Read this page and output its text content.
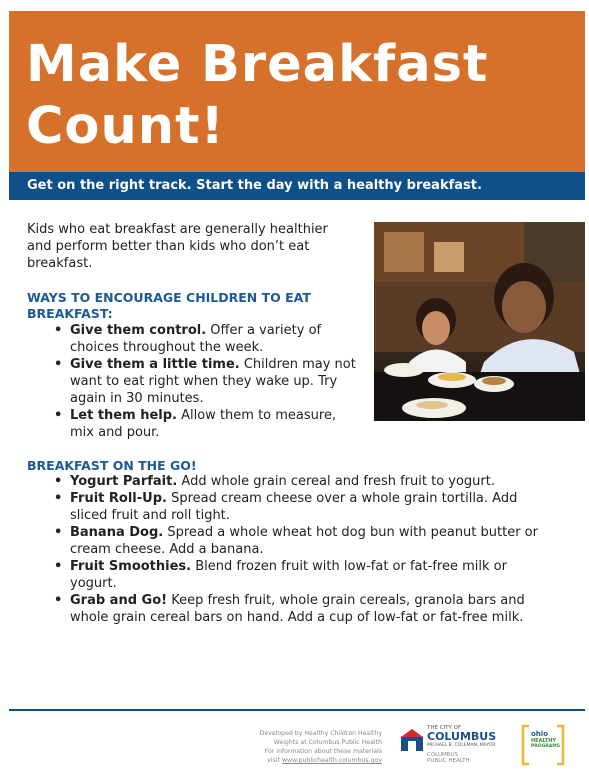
Make Breakfast
Count!
Get on the right track. Start the day with a healthy breakfast.
Kids who eat breakfast are generally healthier
and perform better than kids who don’t eat
breakfast.
WAYS TO ENCOURAGE CHILDREN TO EAT
BREAKFAST:
• Give them control. Offer a variety of
choices throughout the week.
• Give them a little time. Children may not
want to eat right when they wake up. Try
again in 30 minutes.
• Let them help. Allow them to measure,
mix and pour.
BREAKFAST ON THE GO!
• Yogurt Parfait. Add whole grain cereal and fresh fruit to yogurt.
• Fruit Roll-Up. Spread cream cheese over a whole grain tortilla. Add
sliced fruit and roll tight.
• Banana Dog. Spread a whole wheat hot dog bun with peanut butter or
cream cheese. Add a banana.
• Fruit Smoothies. Blend frozen fruit with low-fat or fat-free milk or
yogurt.
• Grab and Go! Keep fresh fruit, whole grain cereals, granola bars and
whole grain cereal bars on hand. Add a cup of low-fat or fat-free milk.
Developed by Healthy Children Healthy
Weights at Columbus Public Health
For information about these materials
visit www.publichealth.columbus.gov
THE CITY OF
COLUMBUS
MICHAEL B. COLEMAN, MAYOR
COLUMBUS
PUBLIC HEALTH
ohio
HEALTHY
PROGRAMS
